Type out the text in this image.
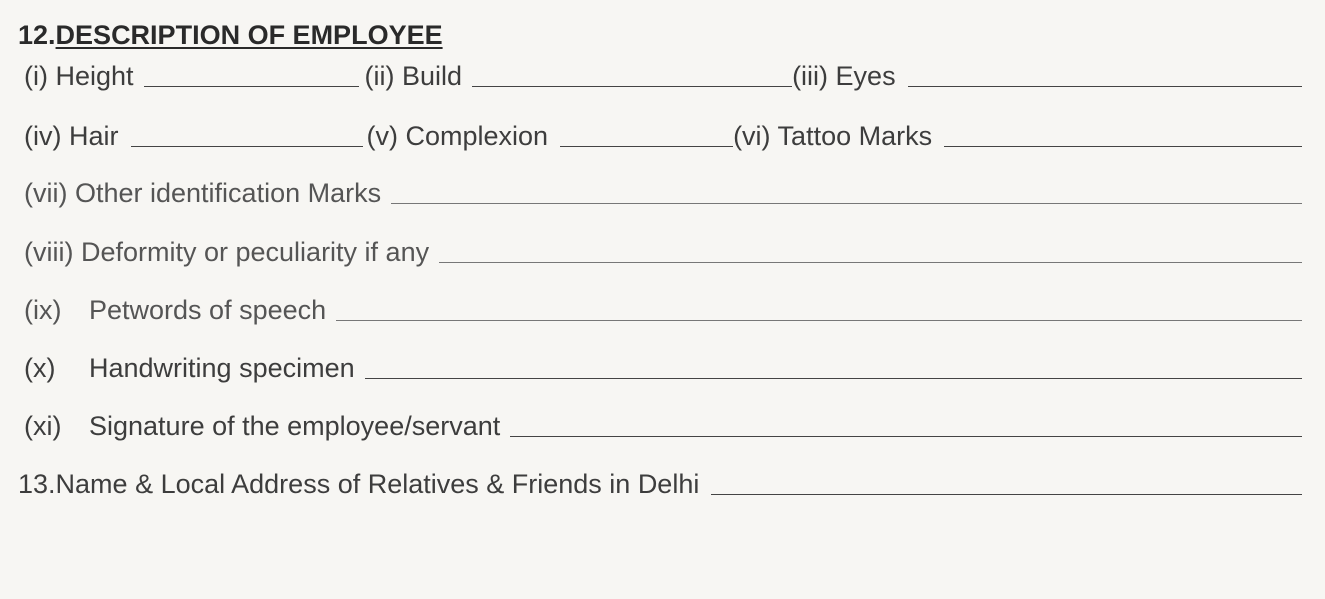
12.DESCRIPTION OF EMPLOYEE
(i) Height	(ii) Build	(iii) Eyes
(iv) Hair	(v) Complexion	(vi) Tattoo Marks
(vii) Other identification Marks
(viii) Deformity or peculiarity if any
(ix) Petwords of speech
(x) Handwriting specimen
(xi) Signature of the employee/servant
13.Name & Local Address of Relatives & Friends in Delhi
